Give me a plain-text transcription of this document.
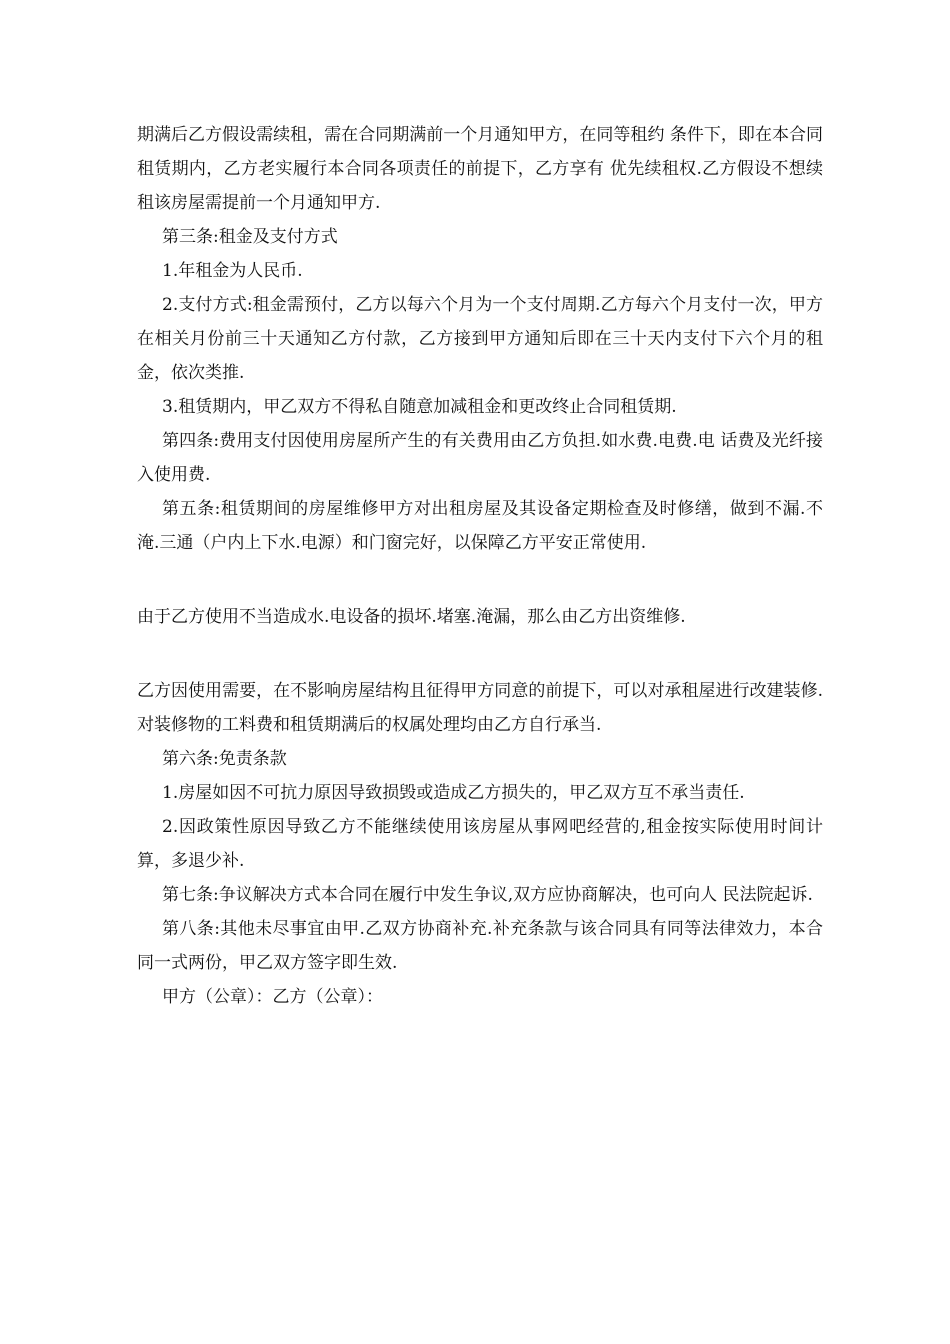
期满后乙方假设需续租，需在合同期满前一个月通知甲方，在同等租约 条件下，即在本合同租赁期内，乙方老实履行本合同各项责任的前提下，乙方享有 优先续租权.乙方假设不想续租该房屋需提前一个月通知甲方.

第三条:租金及支付方式

1.年租金为人民币.

2.支付方式:租金需预付，乙方以每六个月为一个支付周期.乙方每六个月支付一次，甲方在相关月份前三十天通知乙方付款，乙方接到甲方通知后即在三十天内支付下六个月的租金，依次类推.

3.租赁期内，甲乙双方不得私自随意加减租金和更改终止合同租赁期.

第四条:费用支付因使用房屋所产生的有关费用由乙方负担.如水费.电费.电 话费及光纤接入使用费.

第五条:租赁期间的房屋维修甲方对出租房屋及其设备定期检查及时修缮，做到不漏.不淹.三通（户内上下水.电源）和门窗完好，以保障乙方平安正常使用.

由于乙方使用不当造成水.电设备的损坏.堵塞.淹漏，那么由乙方出资维修.

乙方因使用需要，在不影响房屋结构且征得甲方同意的前提下，可以对承租屋进行改建装修.对装修物的工料费和租赁期满后的权属处理均由乙方自行承当.

第六条:免责条款

1.房屋如因不可抗力原因导致损毁或造成乙方损失的，甲乙双方互不承当责任.

2.因政策性原因导致乙方不能继续使用该房屋从事网吧经营的,租金按实际使用时间计算，多退少补.

第七条:争议解决方式本合同在履行中发生争议,双方应协商解决，也可向人 民法院起诉.

第八条:其他未尽事宜由甲.乙双方协商补充.补充条款与该合同具有同等法律效力，本合同一式两份，甲乙双方签字即生效.

甲方（公章）：乙方（公章）：
